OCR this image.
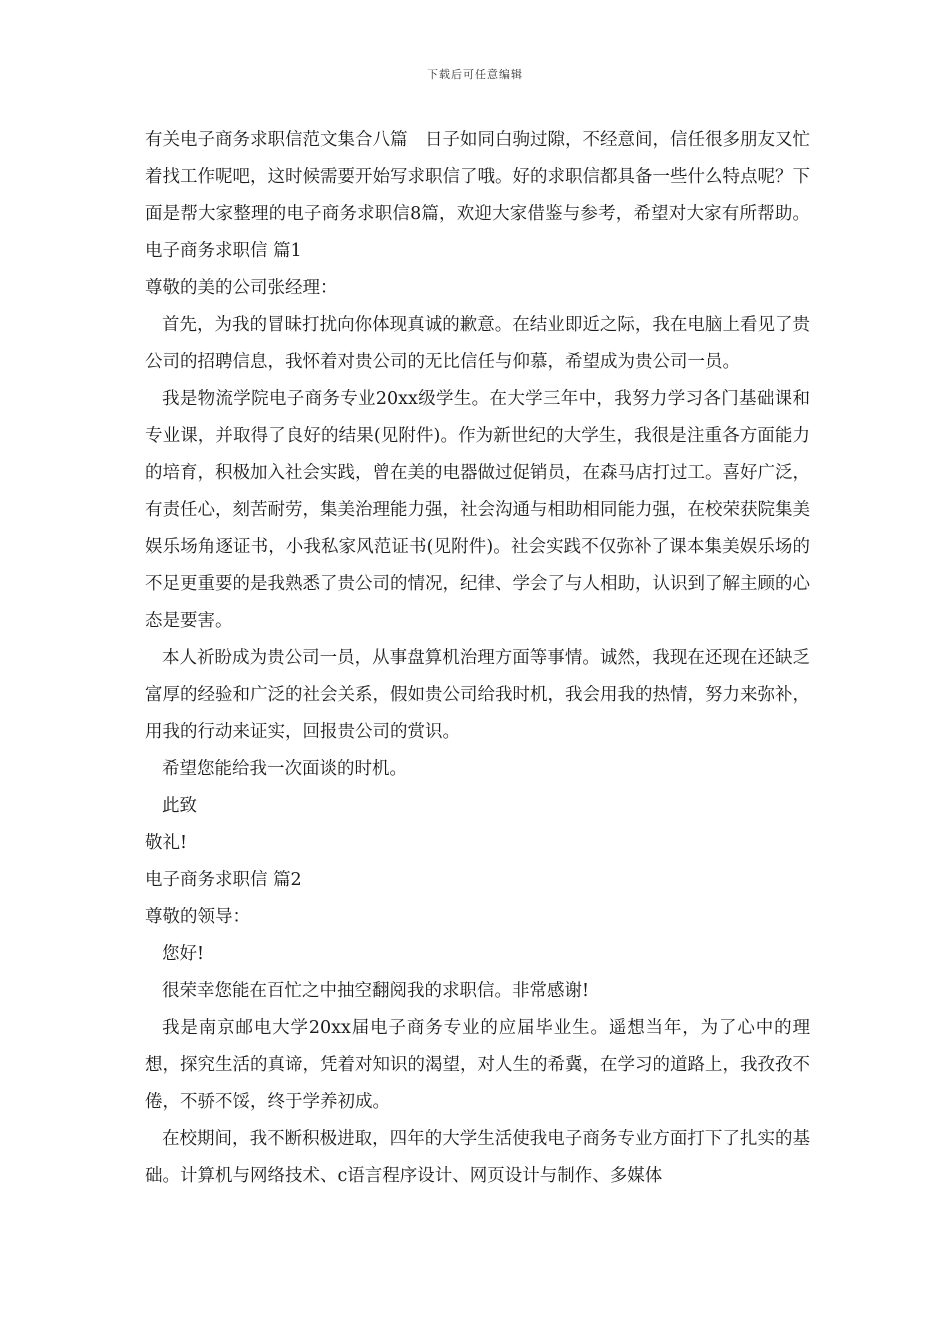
下载后可任意编辑

有关电子商务求职信范文集合八篇　日子如同白驹过隙，不经意间，信任很多朋友又忙着找工作呢吧，这时候需要开始写求职信了哦。好的求职信都具备一些什么特点呢？下面是帮大家整理的电子商务求职信8篇，欢迎大家借鉴与参考，希望对大家有所帮助。电子商务求职信 篇1

尊敬的美的公司张经理：

首先，为我的冒昧打扰向你体现真诚的歉意。在结业即近之际，我在电脑上看见了贵公司的招聘信息，我怀着对贵公司的无比信任与仰慕，希望成为贵公司一员。

我是物流学院电子商务专业20xx级学生。在大学三年中，我努力学习各门基础课和专业课，并取得了良好的结果(见附件)。作为新世纪的大学生，我很是注重各方面能力的培育，积极加入社会实践，曾在美的电器做过促销员，在森马店打过工。喜好广泛，有责任心，刻苦耐劳，集美治理能力强，社会沟通与相助相同能力强，在校荣获院集美娱乐场角逐证书，小我私家风范证书(见附件)。社会实践不仅弥补了课本集美娱乐场的不足更重要的是我熟悉了贵公司的情况，纪律、学会了与人相助，认识到了解主顾的心态是要害。

本人祈盼成为贵公司一员，从事盘算机治理方面等事情。诚然，我现在还现在还缺乏富厚的经验和广泛的社会关系，假如贵公司给我时机，我会用我的热情，努力来弥补，用我的行动来证实，回报贵公司的赏识。

希望您能给我一次面谈的时机。

此致

敬礼!

电子商务求职信 篇2

尊敬的领导：

您好!

很荣幸您能在百忙之中抽空翻阅我的求职信。非常感谢!

我是南京邮电大学20xx届电子商务专业的应届毕业生。遥想当年，为了心中的理想，探究生活的真谛，凭着对知识的渴望，对人生的希冀，在学习的道路上，我孜孜不倦，不骄不馁，终于学养初成。

在校期间，我不断积极进取，四年的大学生活使我电子商务专业方面打下了扎实的基础。计算机与网络技术、c语言程序设计、网页设计与制作、多媒体
